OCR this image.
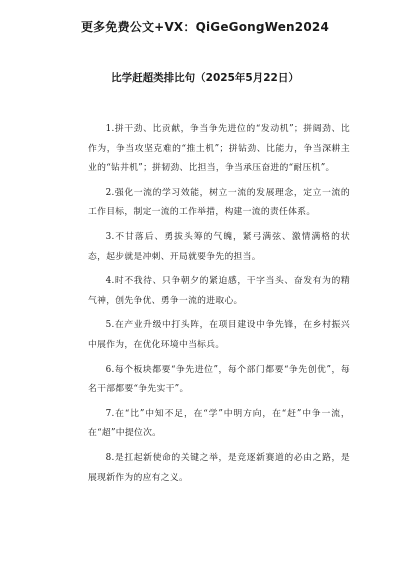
更多免费公文+VX：QiGeGongWen2024
比学赶超类排比句（2025年5月22日）

1.拼干劲、比贡献，争当争先进位的“发动机”；拼阔劲、比作为，争当攻坚克难的“推土机”；拼钻劲、比能力，争当深耕主业的“钻井机”；拼韧劲、比担当，争当承压奋进的“耐压机”。

2.强化一流的学习效能，树立一流的发展理念，定立一流的工作目标，制定一流的工作举措，构建一流的责任体系。

3.不甘落后、勇拔头筹的气魄，紧弓满弦、激情满格的状态，起步就是冲刺、开局就要争先的担当。

4.时不我待、只争朝夕的紧迫感，干字当头、奋发有为的精气神，创先争优、勇争一流的进取心。

5.在产业升级中打头阵，在项目建设中争先锋，在乡村振兴中展作为，在优化环境中当标兵。

6.每个板块都要“争先进位”，每个部门都要“争先创优”，每名干部都要“争先实干”。

7.在“比”中知不足，在“学”中明方向，在“赶”中争一流，在“超”中提位次。

8.是扛起新使命的关键之举，是竞逐新赛道的必由之路，是展现新作为的应有之义。
